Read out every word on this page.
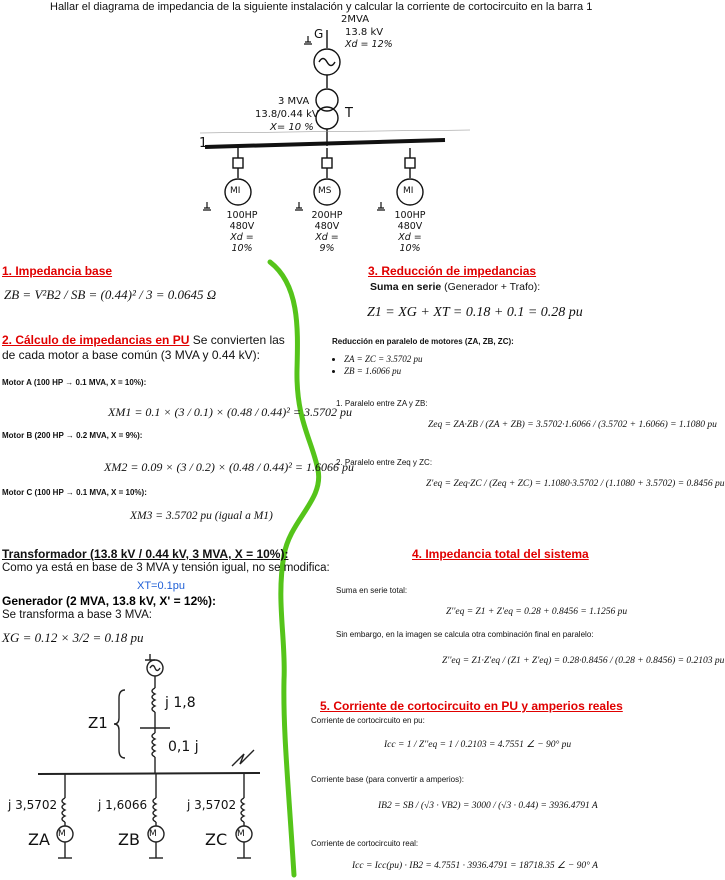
Hallar el diagrama de impedancia de la siguiente instalación y calcular la corriente de cortocircuito en la barra 1
2MVA
G 13.8 kV
Xd = 12%
3 MVA
13.8/0.44 kV
X= 10 %
T
1
MI	MS	MI
100HP
480V
Xd = 10%
200HP
480V
Xd = 9%
100HP
480V
Xd = 10%
1. Impedancia base
ZB = V²B2 / SB = (0.44)² / 3 = 0.0645 Ω
2. Cálculo de impedancias en PU Se convierten las
de cada motor a base común (3 MVA y 0.44 kV):
Motor A (100 HP → 0.1 MVA, X = 10%):
XM1 = 0.1 × (3 / 0.1) × (0.48 / 0.44)² = 3.5702 pu
Motor B (200 HP → 0.2 MVA, X = 9%):
XM2 = 0.09 × (3 / 0.2) × (0.48 / 0.44)² = 1.6066 pu
Motor C (100 HP → 0.1 MVA, X = 10%):
XM3 = 3.5702 pu (igual a M1)
Transformador (13.8 kV / 0.44 kV, 3 MVA, X = 10%):
Como ya está en base de 3 MVA y tensión igual, no se modifica:
XT=0.1pu
Generador (2 MVA, 13.8 kV, X' = 12%):
Se transforma a base 3 MVA:
XG = 0.12 × 3/2 = 0.18 pu
j 1,8
Z1
0,1 j
j 3,5702	j 1,6066	j 3,5702
M	M	M
ZA	ZB	ZC
3. Reducción de impedancias
Suma en serie (Generador + Trafo):
Z1 = XG + XT = 0.18 + 0.1 = 0.28 pu
Reducción en paralelo de motores (ZA, ZB, ZC):
• ZA = ZC = 3.5702 pu
• ZB = 1.6066 pu
1. Paralelo entre ZA y ZB:
Zeq = ZA·ZB / (ZA + ZB) = 3.5702·1.6066 / (3.5702 + 1.6066) = 1.1080 pu
2. Paralelo entre Zeq y ZC:
Z'eq = Zeq·ZC / (Zeq + ZC) = 1.1080·3.5702 / (1.1080 + 3.5702) = 0.8456 pu
4. Impedancia total del sistema
Suma en serie total:
Z''eq = Z1 + Z'eq = 0.28 + 0.8456 = 1.1256 pu
Sin embargo, en la imagen se calcula otra combinación final en paralelo:
Z''eq = Z1·Z'eq / (Z1 + Z'eq) = 0.28·0.8456 / (0.28 + 0.8456) = 0.2103 pu
5. Corriente de cortocircuito en PU y amperios reales
Corriente de cortocircuito en pu:
Icc = 1 / Z''eq = 1 / 0.2103 = 4.7551 ∠ − 90° pu
Corriente base (para convertir a amperios):
IB2 = SB / (√3 · VB2) = 3000 / (√3 · 0.44) = 3936.4791 A
Corriente de cortocircuito real:
Icc = Icc(pu) · IB2 = 4.7551 · 3936.4791 = 18718.35 ∠ − 90° A
